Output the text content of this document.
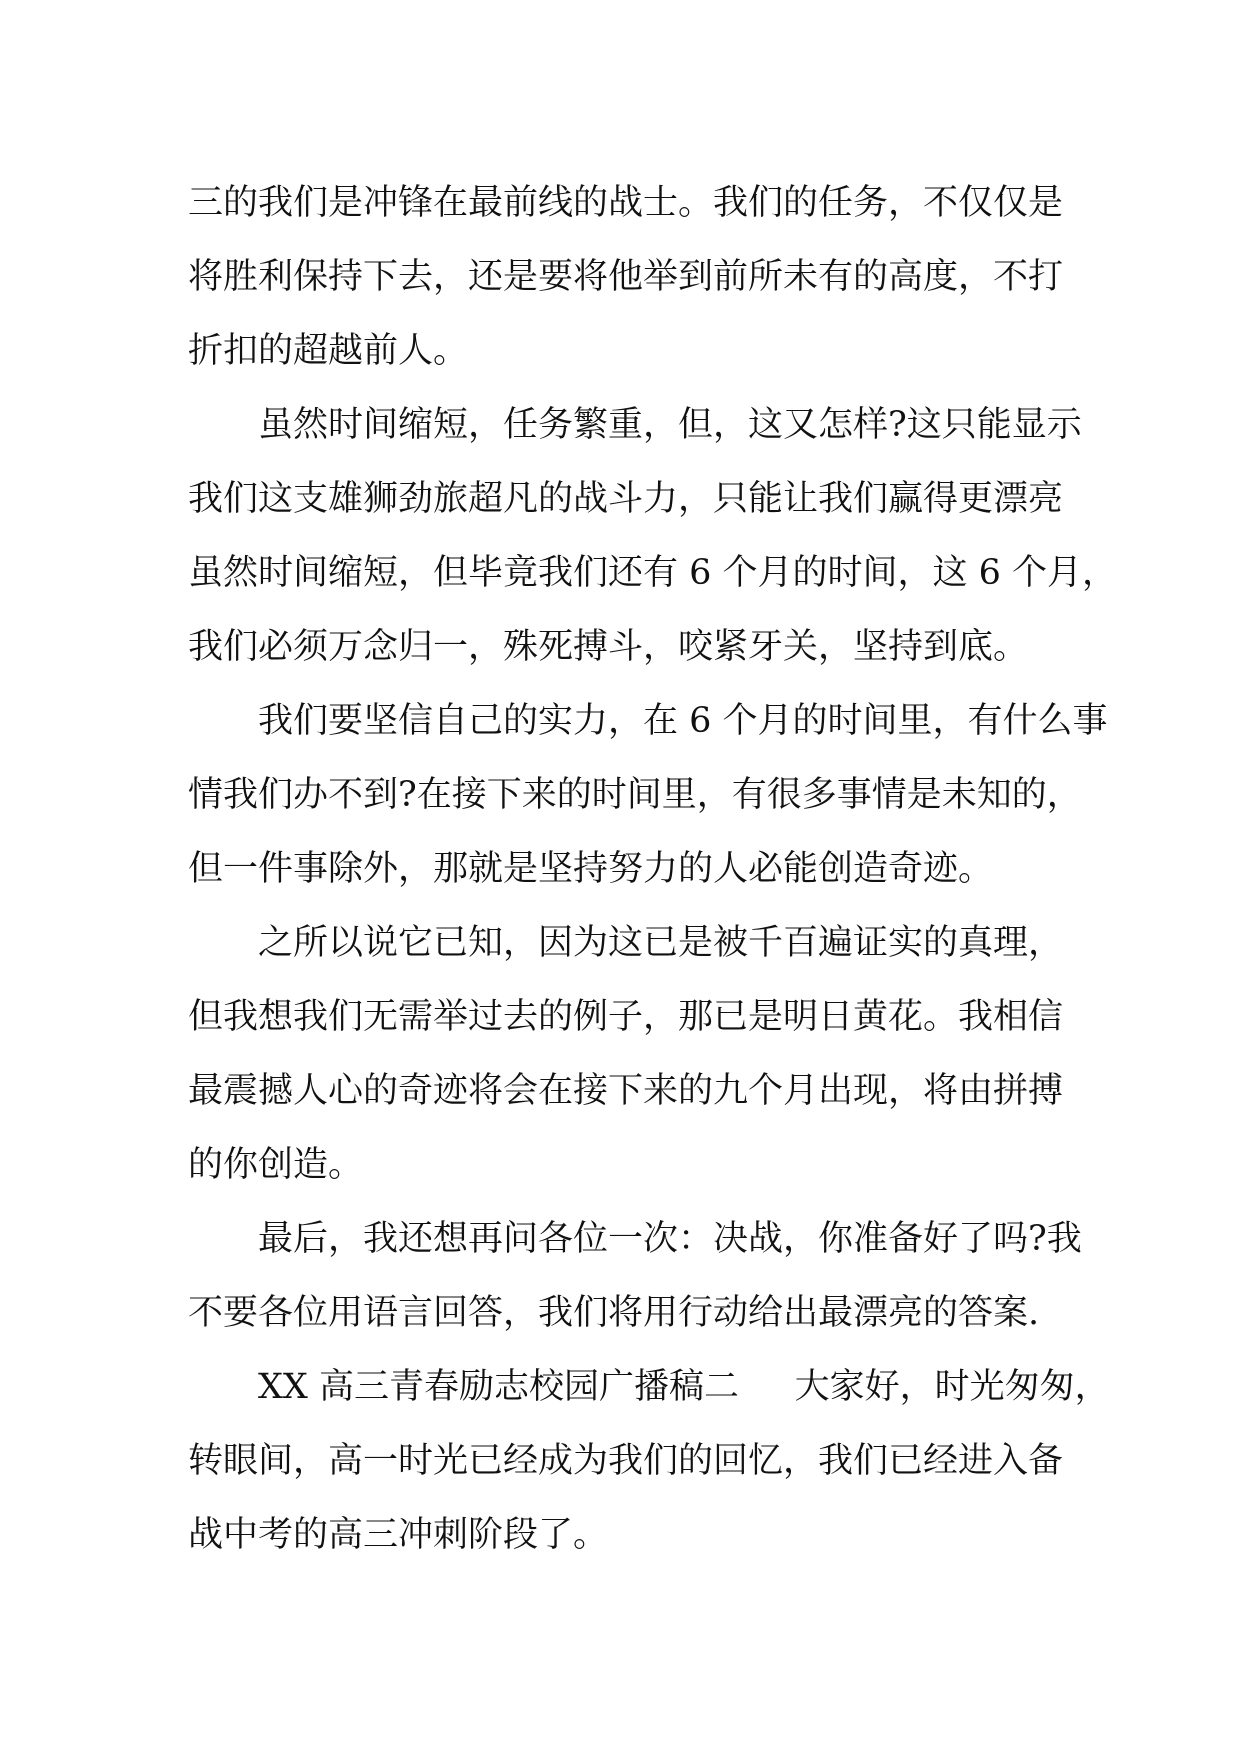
三的我们是冲锋在最前线的战士。我们的任务，不仅仅是
将胜利保持下去，还是要将他举到前所未有的高度，不打
折扣的超越前人。
虽然时间缩短，任务繁重，但，这又怎样?这只能显示
我们这支雄狮劲旅超凡的战斗力，只能让我们赢得更漂亮
虽然时间缩短，但毕竟我们还有 6 个月的时间，这 6 个月，
我们必须万念归一，殊死搏斗，咬紧牙关，坚持到底。
我们要坚信自己的实力，在 6 个月的时间里，有什么事
情我们办不到?在接下来的时间里，有很多事情是未知的，
但一件事除外，那就是坚持努力的人必能创造奇迹。
之所以说它已知，因为这已是被千百遍证实的真理，
但我想我们无需举过去的例子，那已是明日黄花。我相信
最震撼人心的奇迹将会在接下来的九个月出现，将由拼搏
的你创造。
最后，我还想再问各位一次：决战，你准备好了吗?我
不要各位用语言回答，我们将用行动给出最漂亮的答案.
XX 高三青春励志校园广播稿二     大家好，时光匆匆，
转眼间，高一时光已经成为我们的回忆，我们已经进入备
战中考的高三冲刺阶段了。
